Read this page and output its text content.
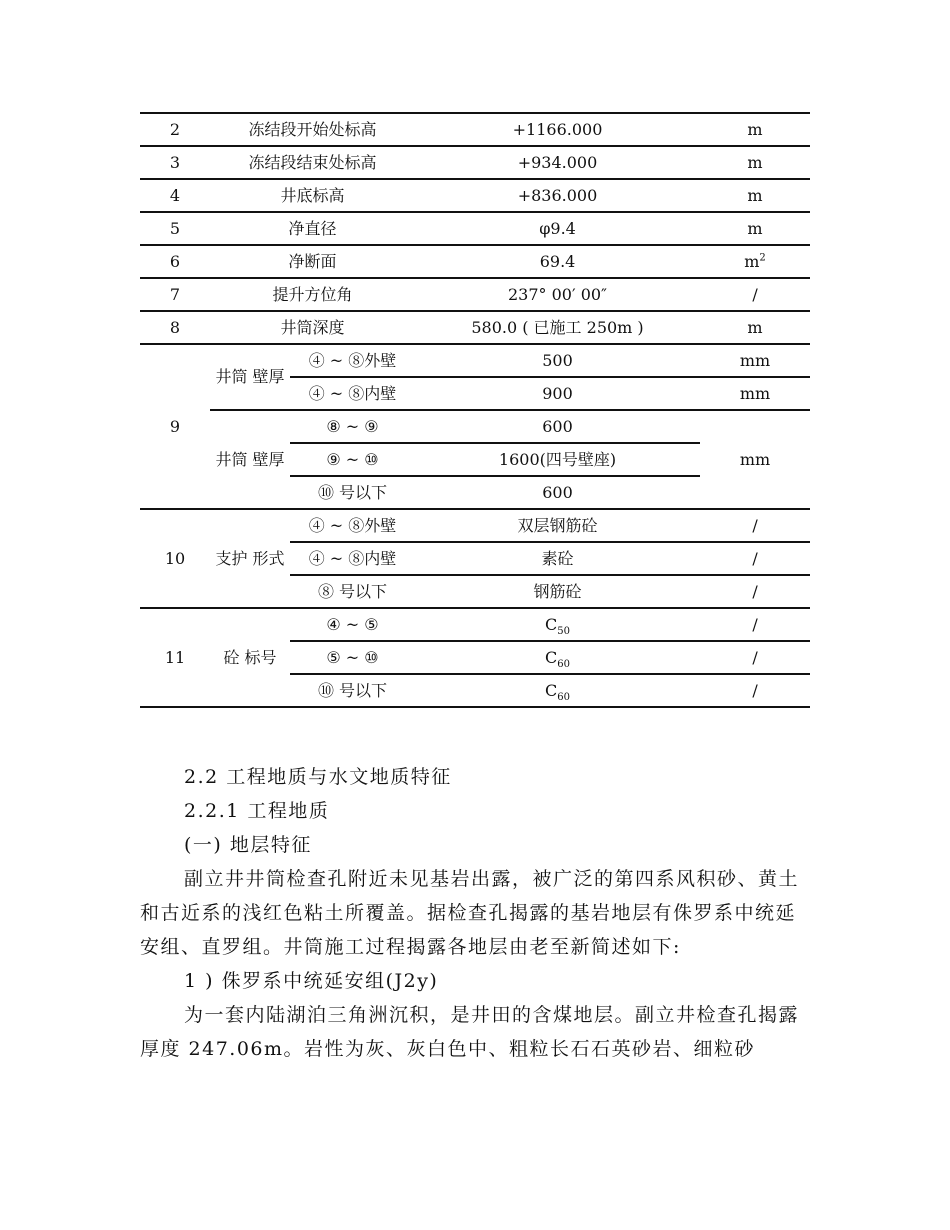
2	冻结段开始处标高		+1166.000	m
3	冻结段结束处标高		+934.000	m
4	井底标高		+836.000	m
5	净直径		φ9.4	m
6	净断面		69.4	$m^2$
7	提升方位角		237° 00′ 00″	/
8	井筒深度		580.0 ( 已施工 250m )	m
9	井筒 壁厚	④ ~ ⑧外壁	500	mm
		④ ~ ⑧内壁	900	mm
	井筒 壁厚	⑧ ~ ⑨	600	mm
		⑨ ~ ⑩	1600(四号壁座)	
		⑩ 号以下	600	
10	支护 形式	④ ~ ⑧外壁	双层钢筋砼	/
		④ ~ ⑧内壁	素砼	/
		⑧ 号以下	钢筋砼	/
11	砼 标号	④ ~ ⑤	$C_{50}$	/
		⑤ ~ ⑩	$C_{60}$	/
		⑩ 号以下	$C_{60}$	/

2.2 工程地质与水文地质特征

2.2.1 工程地质

(一) 地层特征

副立井井筒检查孔附近未见基岩出露，被广泛的第四系风积砂、黄土和古近系的浅红色粘土所覆盖。据检查孔揭露的基岩地层有侏罗系中统延安组、直罗组。井筒施工过程揭露各地层由老至新简述如下:

1 ) 侏罗系中统延安组(J2y)

为一套内陆湖泊三角洲沉积，是井田的含煤地层。副立井检查孔揭露厚度 247.06m。岩性为灰、灰白色中、粗粒长石石英砂岩、细粒砂
